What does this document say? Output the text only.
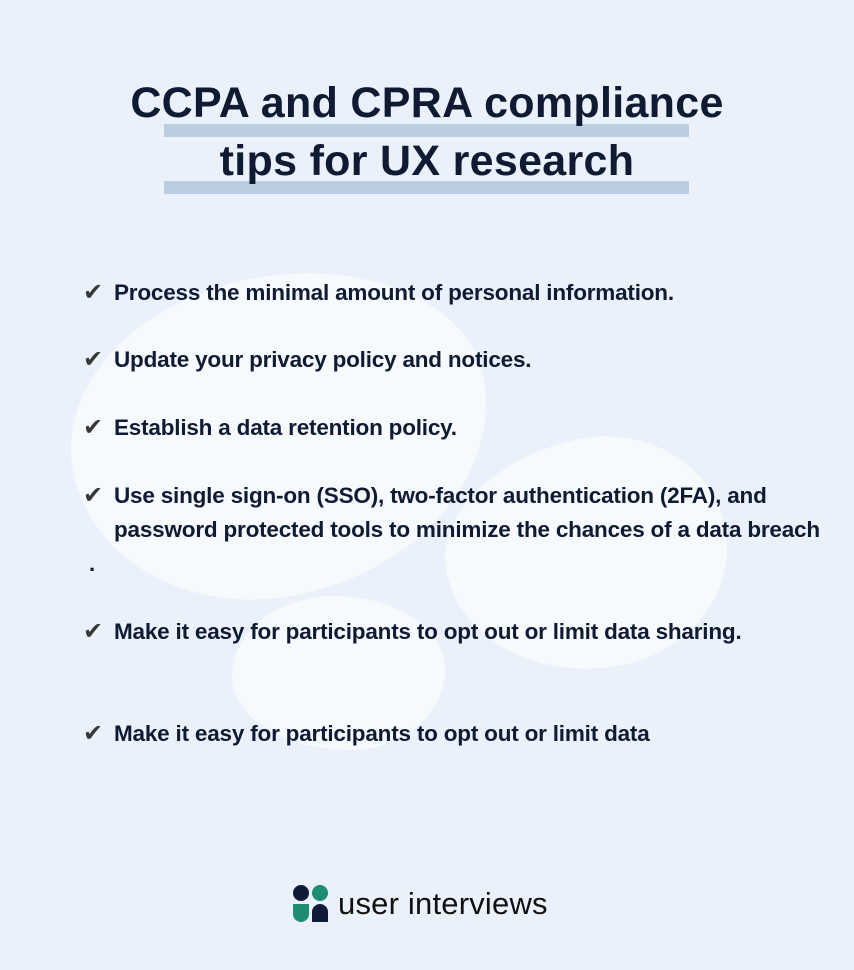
CCPA and CPRA compliance
tips for UX research
✔ Process the minimal amount of personal information.
✔ Update your privacy policy and notices.
✔ Establish a data retention policy.
✔ Use single sign-on (SSO), two-factor authentication (2FA), and password protected tools to minimize the chances of a data breach
.
✔ Make it easy for participants to opt out or limit data sharing.
✔ Make it easy for participants to opt out or limit data
user interviews
